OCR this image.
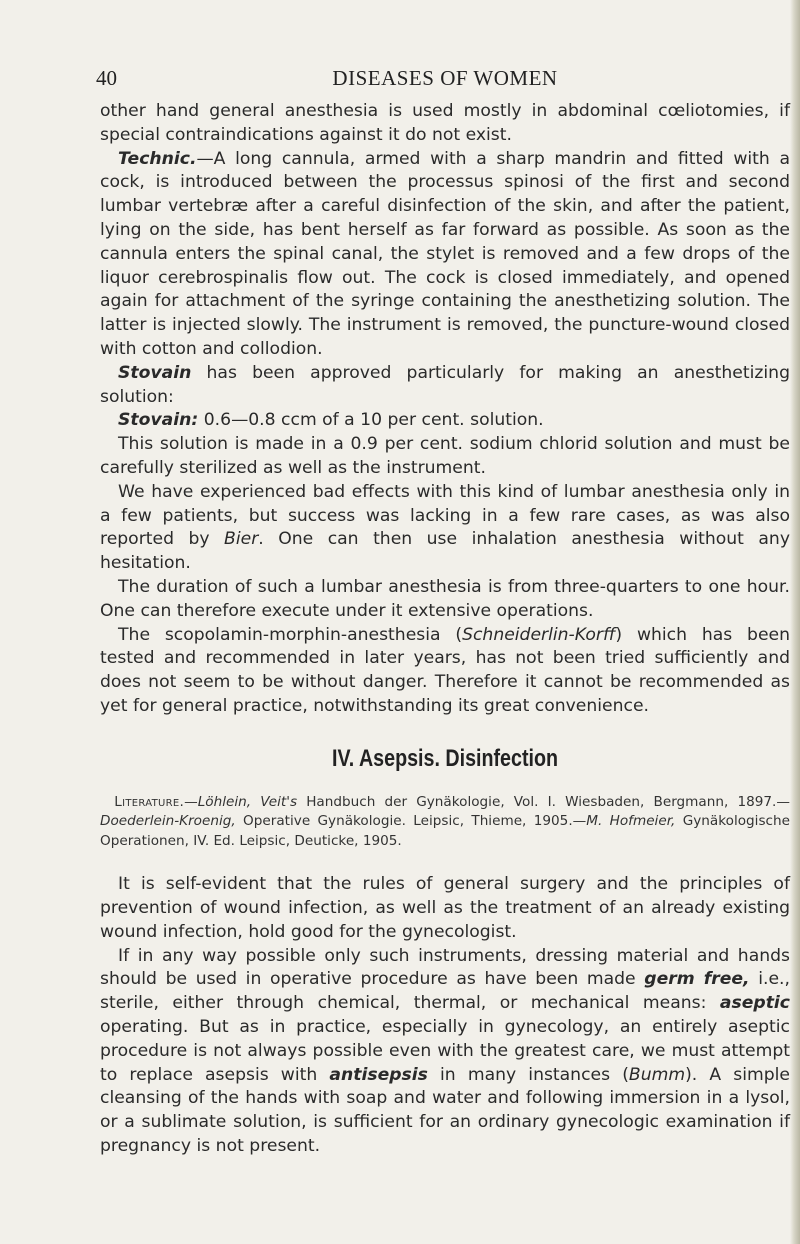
40	DISEASES OF WOMEN

other hand general anesthesia is used mostly in abdominal cœliotomies, if special contraindications against it do not exist.

Technic.—A long cannula, armed with a sharp mandrin and fitted with a cock, is introduced between the processus spinosi of the first and second lumbar vertebræ after a careful disinfection of the skin, and after the patient, lying on the side, has bent herself as far forward as possible. As soon as the cannula enters the spinal canal, the stylet is removed and a few drops of the liquor cerebrospinalis flow out. The cock is closed immediately, and opened again for attachment of the syringe containing the anesthetizing solution. The latter is injected slowly. The instrument is removed, the puncture-wound closed with cotton and collodion.

Stovain has been approved particularly for making an anesthetizing solution:

Stovain: 0.6—0.8 ccm of a 10 per cent. solution.

This solution is made in a 0.9 per cent. sodium chlorid solution and must be carefully sterilized as well as the instrument.

We have experienced bad effects with this kind of lumbar anesthesia only in a few patients, but success was lacking in a few rare cases, as was also reported by Bier. One can then use inhalation anesthesia without any hesitation.

The duration of such a lumbar anesthesia is from three-quarters to one hour. One can therefore execute under it extensive operations.

The scopolamin-morphin-anesthesia (Schneiderlin-Korff) which has been tested and recommended in later years, has not been tried sufficiently and does not seem to be without danger. Therefore it cannot be recommended as yet for general practice, notwithstanding its great convenience.

IV. Asepsis. Disinfection

Literature.—Löhlein, Veit's Handbuch der Gynäkologie, Vol. I. Wiesbaden, Bergmann, 1897.—Doederlein-Kroenig, Operative Gynäkologie. Leipsic, Thieme, 1905.—M. Hofmeier, Gynäkologische Operationen, IV. Ed. Leipsic, Deuticke, 1905.

It is self-evident that the rules of general surgery and the principles of prevention of wound infection, as well as the treatment of an already existing wound infection, hold good for the gynecologist.

If in any way possible only such instruments, dressing material and hands should be used in operative procedure as have been made germ free, i.e., sterile, either through chemical, thermal, or mechanical means: aseptic operating. But as in practice, especially in gynecology, an entirely aseptic procedure is not always possible even with the greatest care, we must attempt to replace asepsis with antisepsis in many instances (Bumm). A simple cleansing of the hands with soap and water and following immersion in a lysol, or a sublimate solution, is sufficient for an ordinary gynecologic examination if pregnancy is not present.
